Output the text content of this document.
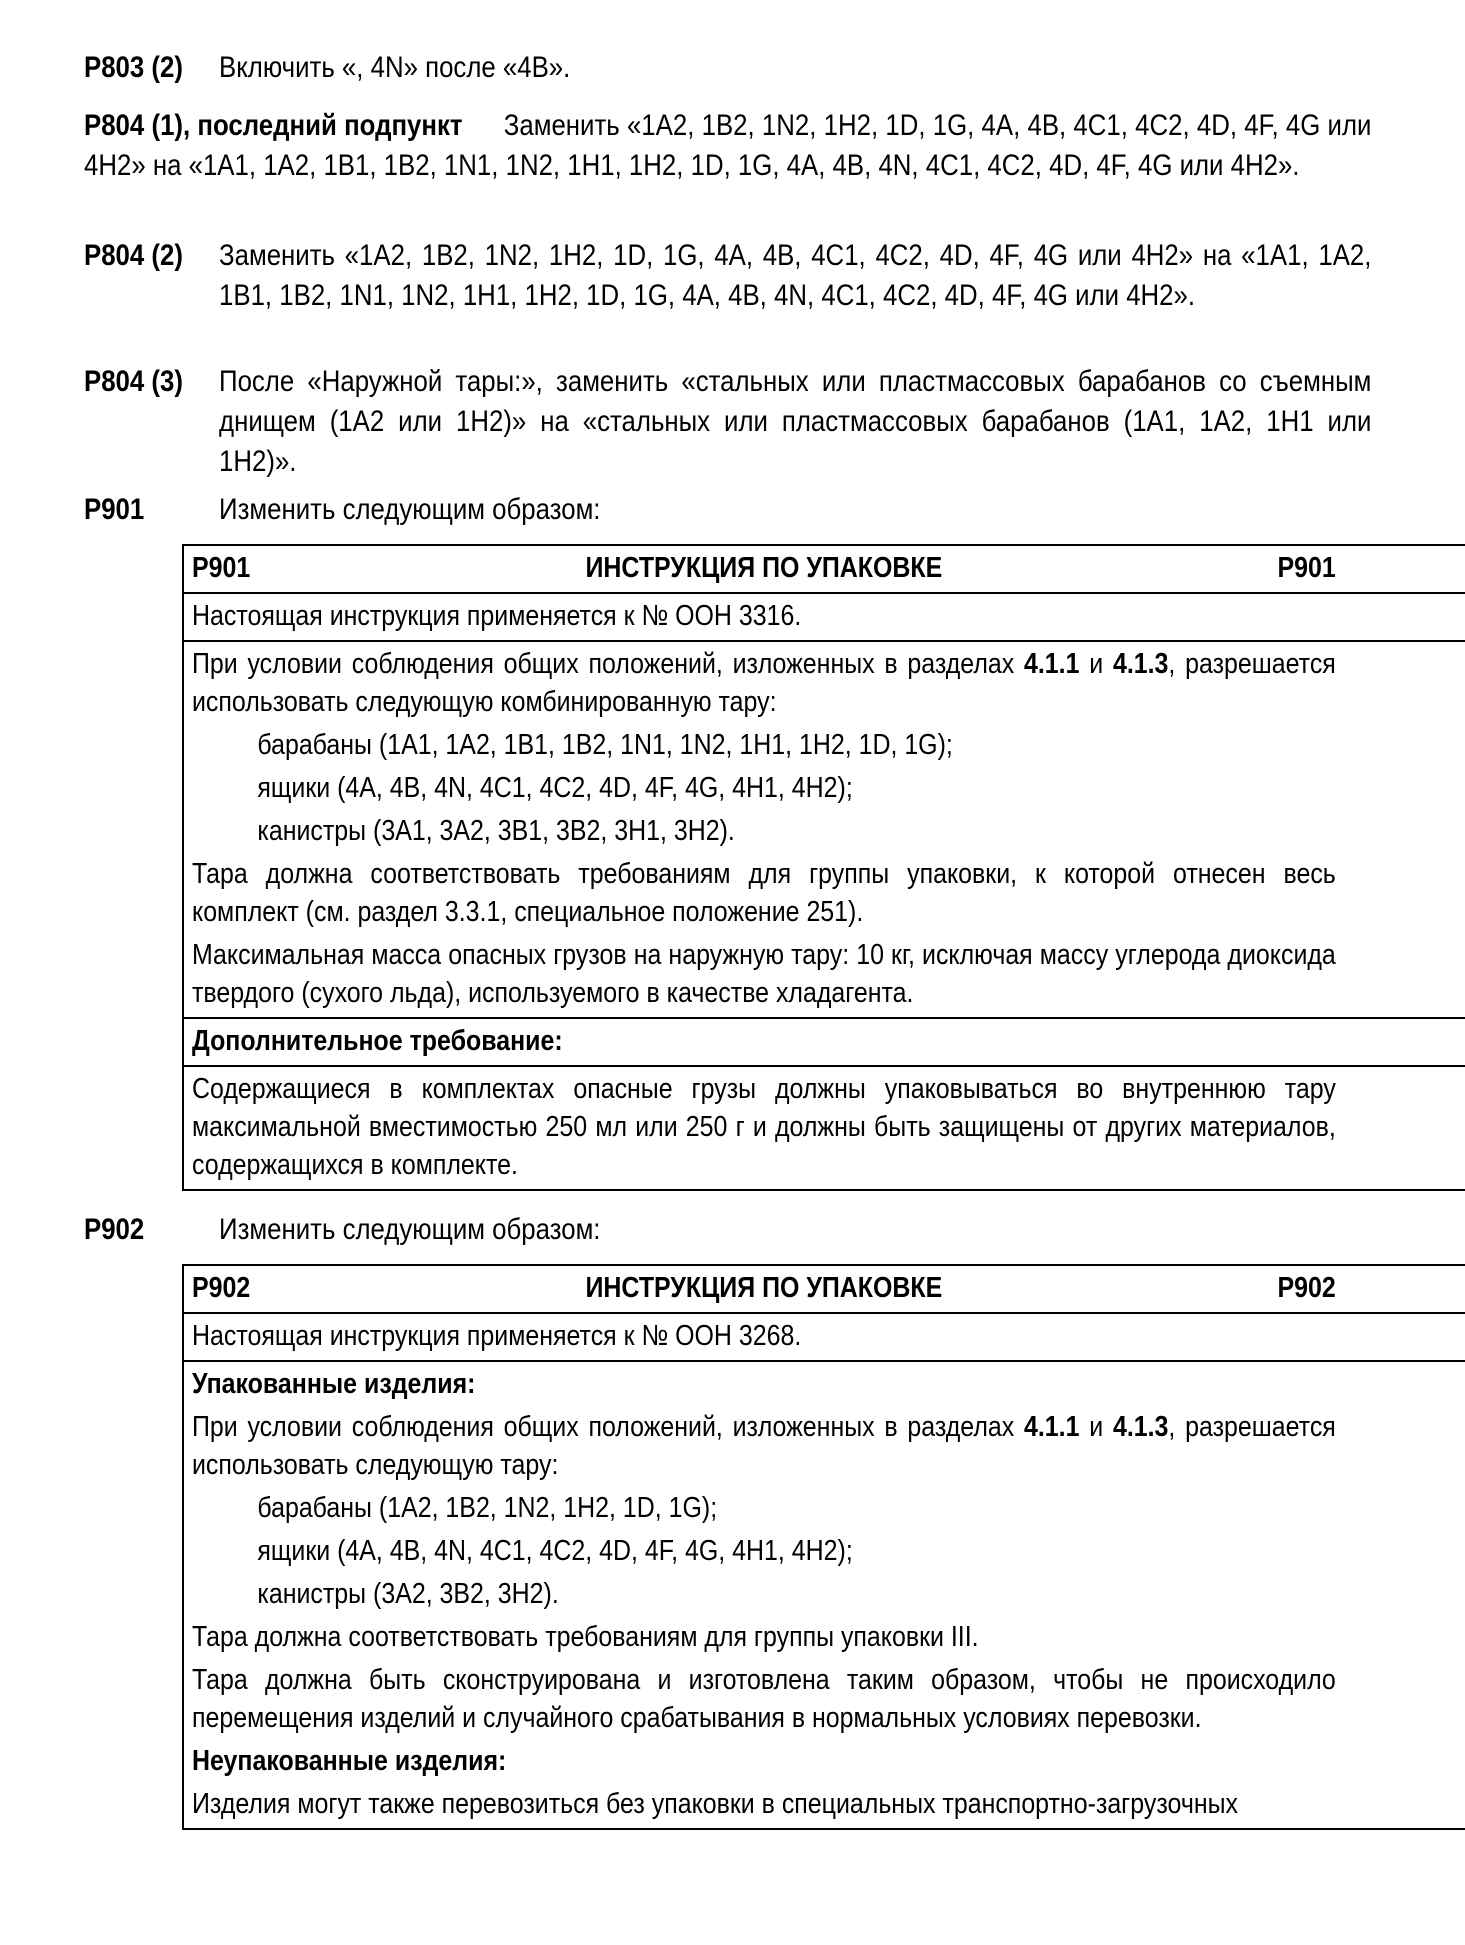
P803 (2) Включить «, 4N» после «4B».
P804 (1), последний подпункт Заменить «1A2, 1B2, 1N2, 1H2, 1D, 1G, 4A, 4B, 4C1, 4C2, 4D, 4F, 4G или 4H2» на «1A1, 1A2, 1B1, 1B2, 1N1, 1N2, 1H1, 1H2, 1D, 1G, 4A, 4B, 4N, 4C1, 4C2, 4D, 4F, 4G или 4H2».
P804 (2) Заменить «1A2, 1B2, 1N2, 1H2, 1D, 1G, 4A, 4B, 4C1, 4C2, 4D, 4F, 4G или 4H2» на «1A1, 1A2, 1B1, 1B2, 1N1, 1N2, 1H1, 1H2, 1D, 1G, 4A, 4B, 4N, 4C1, 4C2, 4D, 4F, 4G или 4H2».
P804 (3) После «Наружной тары:», заменить «стальных или пластмассовых барабанов со съемным днищем (1A2 или 1H2)» на «стальных или пластмассовых барабанов (1A1, 1A2, 1H1 или 1H2)».
P901 Изменить следующим образом:
P901	ИНСТРУКЦИЯ ПО УПАКОВКЕ	P901

Настоящая инструкция применяется к № ООН 3316.

При условии соблюдения общих положений, изложенных в разделах 4.1.1 и 4.1.3, разрешается использовать следующую комбинированную тару:
барабаны (1A1, 1A2, 1B1, 1B2, 1N1, 1N2, 1H1, 1H2, 1D, 1G);
ящики (4A, 4B, 4N, 4C1, 4C2, 4D, 4F, 4G, 4H1, 4H2);
канистры (3A1, 3A2, 3B1, 3B2, 3H1, 3H2).
Тара должна соответствовать требованиям для группы упаковки, к которой отнесен весь комплект (см. раздел 3.3.1, специальное положение 251).
Максимальная масса опасных грузов на наружную тару: 10 кг, исключая массу углерода диоксида твердого (сухого льда), используемого в качестве хладагента.

Дополнительное требование:

Содержащиеся в комплектах опасные грузы должны упаковываться во внутреннюю тару максимальной вместимостью 250 мл или 250 г и должны быть защищены от других материалов, содержащихся в комплекте.
P902 Изменить следующим образом:
P902	ИНСТРУКЦИЯ ПО УПАКОВКЕ	P902

Настоящая инструкция применяется к № ООН 3268.

Упакованные изделия:
При условии соблюдения общих положений, изложенных в разделах 4.1.1 и 4.1.3, разрешается использовать следующую тару:
барабаны (1A2, 1B2, 1N2, 1H2, 1D, 1G);
ящики (4A, 4B, 4N, 4C1, 4C2, 4D, 4F, 4G, 4H1, 4H2);
канистры (3A2, 3B2, 3H2).
Тара должна соответствовать требованиям для группы упаковки III.
Тара должна быть сконструирована и изготовлена таким образом, чтобы не происходило перемещения изделий и случайного срабатывания в нормальных условиях перевозки.
Неупакованные изделия:
Изделия могут также перевозиться без упаковки в специальных транспортно-загрузочных
